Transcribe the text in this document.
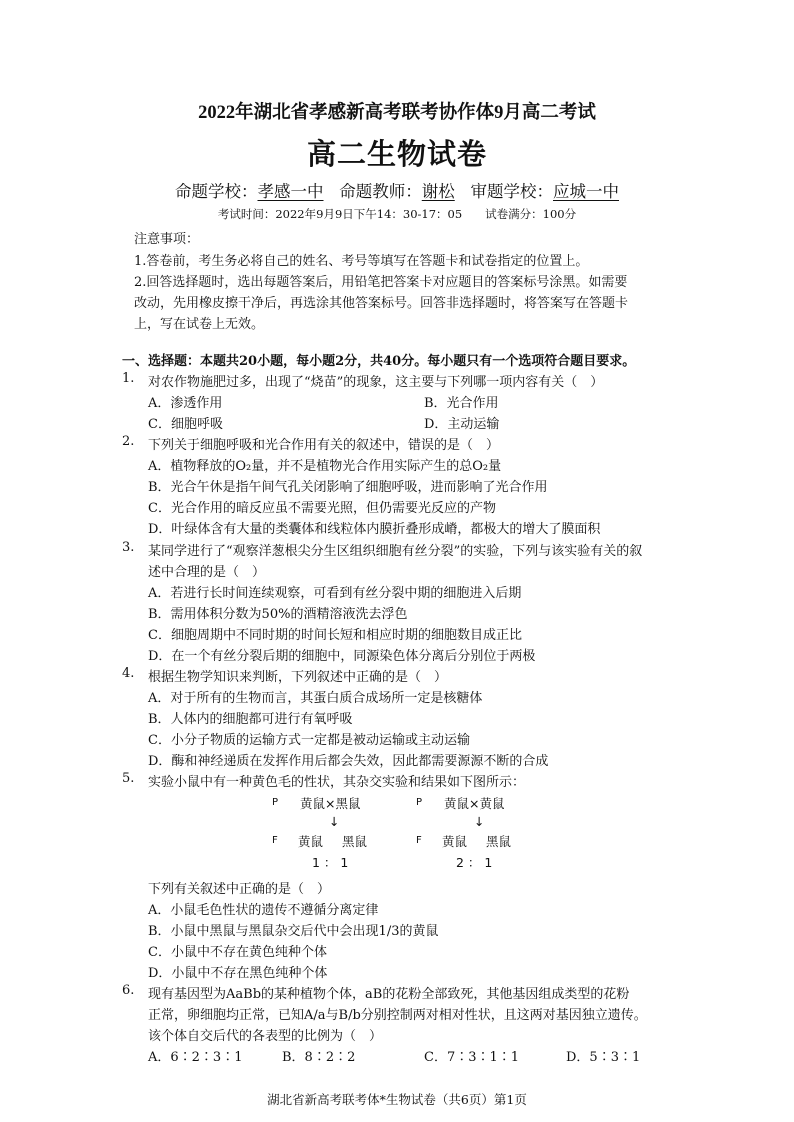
2022年湖北省孝感新高考联考协作体9月高二考试
高二生物试卷
命题学校：孝感一中 命题教师：谢松 审题学校：应城一中
考试时间：2022年9月9日下午14：30-17：05　　试卷满分：100分
注意事项：
1.答卷前，考生务必将自己的姓名、考号等填写在答题卡和试卷指定的位置上。
2.回答选择题时，选出每题答案后，用铅笔把答案卡对应题目的答案标号涂黑。如需要
改动，先用橡皮擦干净后，再选涂其他答案标号。回答非选择题时，将答案写在答题卡
上，写在试卷上无效。
一、选择题：本题共20小题，每小题2分，共40分。每小题只有一个选项符合题目要求。
1. 对农作物施肥过多，出现了“烧苗”的现象，这主要与下列哪一项内容有关（　）
A．渗透作用	B．光合作用
C．细胞呼吸	D．主动运输
2. 下列关于细胞呼吸和光合作用有关的叙述中，错误的是（　）
A．植物释放的O₂量，并不是植物光合作用实际产生的总O₂量
B．光合午休是指午间气孔关闭影响了细胞呼吸，进而影响了光合作用
C．光合作用的暗反应虽不需要光照，但仍需要光反应的产物
D．叶绿体含有大量的类囊体和线粒体内膜折叠形成嵴，都极大的增大了膜面积
3. 某同学进行了“观察洋葱根尖分生区组织细胞有丝分裂”的实验，下列与该实验有关的叙
述中合理的是（　）
A．若进行长时间连续观察，可看到有丝分裂中期的细胞进入后期
B．需用体积分数为50%的酒精溶液洗去浮色
C．细胞周期中不同时期的时间长短和相应时期的细胞数目成正比
D．在一个有丝分裂后期的细胞中，同源染色体分离后分别位于两极
4. 根据生物学知识来判断，下列叙述中正确的是（　）
A．对于所有的生物而言，其蛋白质合成场所一定是核糖体
B．人体内的细胞都可进行有氧呼吸
C．小分子物质的运输方式一定都是被动运输或主动运输
D．酶和神经递质在发挥作用后都会失效，因此都需要源源不断的合成
5. 实验小鼠中有一种黄色毛的性状，其杂交实验和结果如下图所示：
P 黄鼠×黑鼠
↓
F 黄鼠 黑鼠
1 ： 1
P 黄鼠×黄鼠
↓
F 黄鼠 黑鼠
2 ： 1
下列有关叙述中正确的是（　）
A．小鼠毛色性状的遗传不遵循分离定律
B．小鼠中黑鼠与黑鼠杂交后代中会出现1/3的黄鼠
C．小鼠中不存在黄色纯种个体
D．小鼠中不存在黑色纯种个体
6. 现有基因型为AaBb的某种植物个体，aB的花粉全部致死，其他基因组成类型的花粉
正常，卵细胞均正常，已知A/a与B/b分别控制两对相对性状，且这两对基因独立遗传。
该个体自交后代的各表型的比例为（　）
湖北省新高考联考体*生物试卷（共6页）第1页
A．6∶2∶3∶1	B．8∶2∶2	C．7∶3∶1∶1	D．5∶3∶1
